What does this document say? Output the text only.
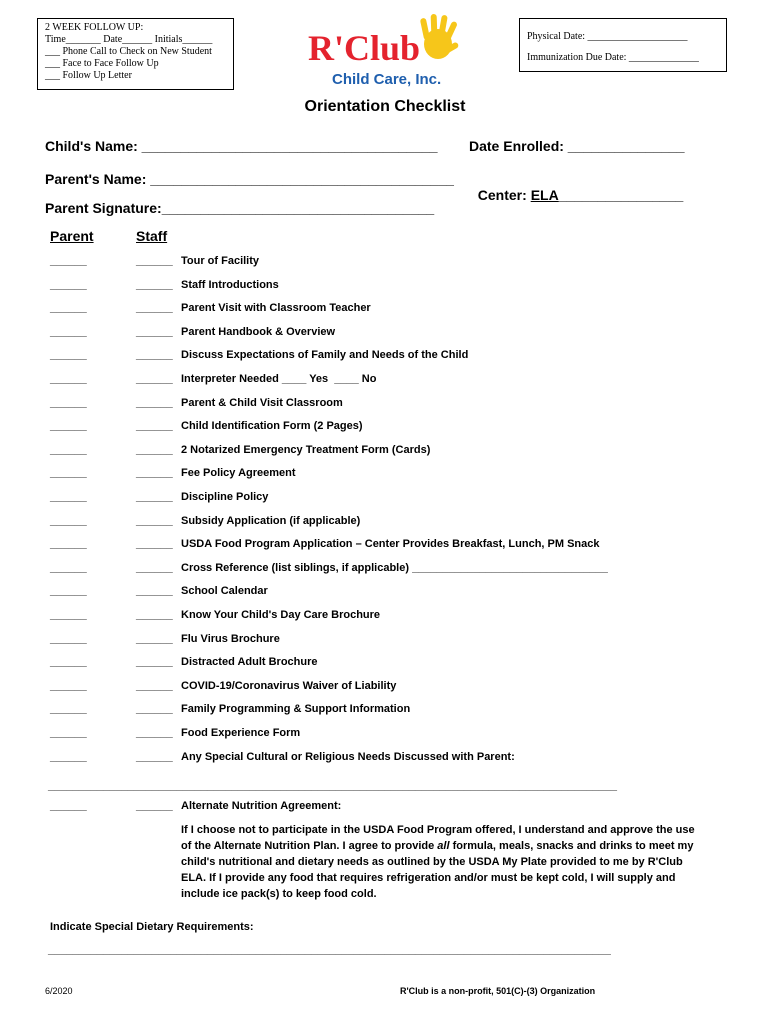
2 WEEK FOLLOW UP:
Time_______ Date______ Initials______
___ Phone Call to Check on New Student
___ Face to Face Follow Up
___ Follow Up Letter
Physical Date: ____________________
Immunization Due Date: ______________
R'Club
Child Care, Inc.
Orientation Checklist
Child's Name: ______________________________________ Date Enrolled: _______________
Parent's Name: _______________________________________

Center: ELA________________

Parent Signature:___________________________________
Parent	Staff
______	______ Tour of Facility
______	______ Staff Introductions
______	______ Parent Visit with Classroom Teacher
______	______ Parent Handbook & Overview
______	______ Discuss Expectations of Family and Needs of the Child
______	______ Interpreter Needed ____ Yes  ____ No
______	______ Parent & Child Visit Classroom
______	______ Child Identification Form (2 Pages)
______	______ 2 Notarized Emergency Treatment Form (Cards)
______	______ Fee Policy Agreement
______	______ Discipline Policy
______	______ Subsidy Application (if applicable)
______	______ USDA Food Program Application – Center Provides Breakfast, Lunch, PM Snack
______	______ Cross Reference (list siblings, if applicable) ________________________________
______	______ School Calendar
______	______ Know Your Child's Day Care Brochure
______	______ Flu Virus Brochure
______	______ Distracted Adult Brochure
______	______ COVID-19/Coronavirus Waiver of Liability
______	______ Family Programming & Support Information
______	______ Food Experience Form
______	______ Any Special Cultural or Religious Needs Discussed with Parent:
_____________________________________________________________________________________________
______	______ Alternate Nutrition Agreement:
If I choose not to participate in the USDA Food Program offered, I understand and approve the use of the Alternate Nutrition Plan. I agree to provide all formula, meals, snacks and drinks to meet my child's nutritional and dietary needs as outlined by the USDA My Plate provided to me by R'Club ELA. If I provide any food that requires refrigeration and/or must be kept cold, I will supply and include ice pack(s) to keep food cold.
Indicate Special Dietary Requirements:
____________________________________________________________________________________________
6/2020	R'Club is a non-profit, 501(C)-(3) Organization
